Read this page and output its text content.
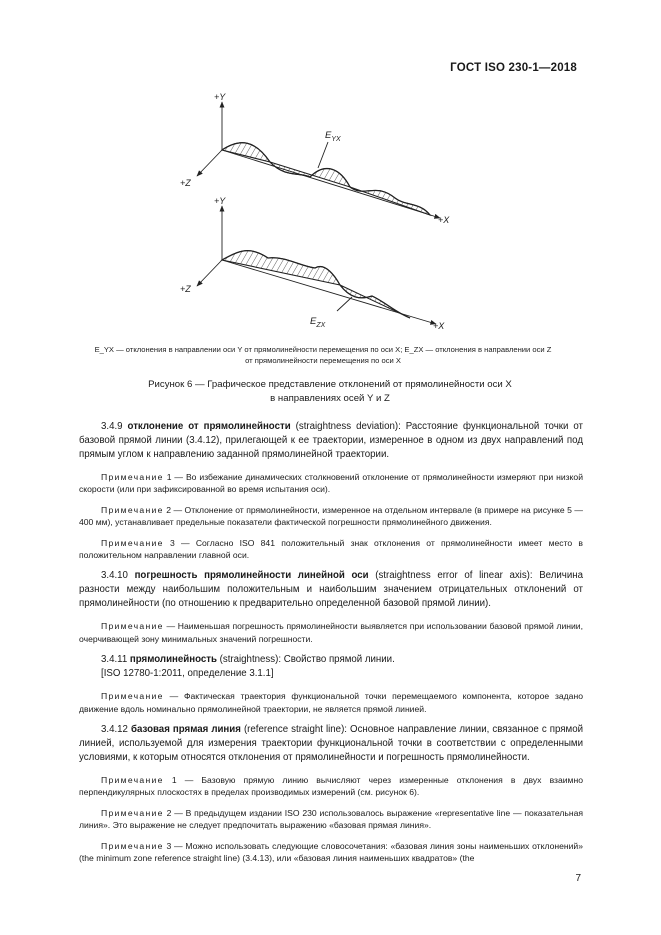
ГОСТ ISO 230-1—2018
+Y
+Z
+X
$E_{YX}$
+Y
+Z
+X
$E_{ZX}$
E_YX — отклонения в направлении оси Y от прямолинейности перемещения по оси X; E_ZX — отклонения в направлении оси Z
от прямолинейности перемещения по оси X
Рисунок 6 — Графическое представление отклонений от прямолинейности оси X
в направлениях осей Y и Z

3.4.9 отклонение от прямолинейности (straightness deviation): Расстояние функциональной точки от базовой прямой линии (3.4.12), прилегающей к ее траектории, измеренное в одном из двух направлений под прямым углом к направлению заданной прямолинейной траектории.

Примечание 1 — Во избежание динамических столкновений отклонение от прямолинейности измеряют при низкой скорости (или при зафиксированной во время испытания оси).

Примечание 2 — Отклонение от прямолинейности, измеренное на отдельном интервале (в примере на рисунке 5 — 400 мм), устанавливает предельные показатели фактической погрешности прямолинейного движения.

Примечание 3 — Согласно ISO 841 положительный знак отклонения от прямолинейности имеет место в положительном направлении главной оси.

3.4.10 погрешность прямолинейности линейной оси (straightness error of linear axis): Величина разности между наибольшим положительным и наибольшим значением отрицательных отклонений от прямолинейности (по отношению к предварительно определенной базовой прямой линии).

Примечание — Наименьшая погрешность прямолинейности выявляется при использовании базовой прямой линии, очерчивающей зону минимальных значений погрешности.

3.4.11 прямолинейность (straightness): Свойство прямой линии.

[ISO 12780-1:2011, определение 3.1.1]

Примечание — Фактическая траектория функциональной точки перемещаемого компонента, которое задано движение вдоль номинально прямолинейной траектории, не является прямой линией.

3.4.12 базовая прямая линия (reference straight line): Основное направление линии, связанное с прямой линией, используемой для измерения траектории функциональной точки в соответствии с определенными условиями, к которым относятся отклонения от прямолинейности и погрешность прямолинейности.

Примечание 1 — Базовую прямую линию вычисляют через измеренные отклонения в двух взаимно перпендикулярных плоскостях в пределах производимых измерений (см. рисунок 6).

Примечание 2 — В предыдущем издании ISO 230 использовалось выражение «representative line — показательная линия». Это выражение не следует предпочитать выражению «базовая прямая линия».

Примечание 3 — Можно использовать следующие словосочетания: «базовая линия зоны наименьших отклонений» (the minimum zone reference straight line) (3.4.13), или «базовая линия наименьших квадратов» (the

7
